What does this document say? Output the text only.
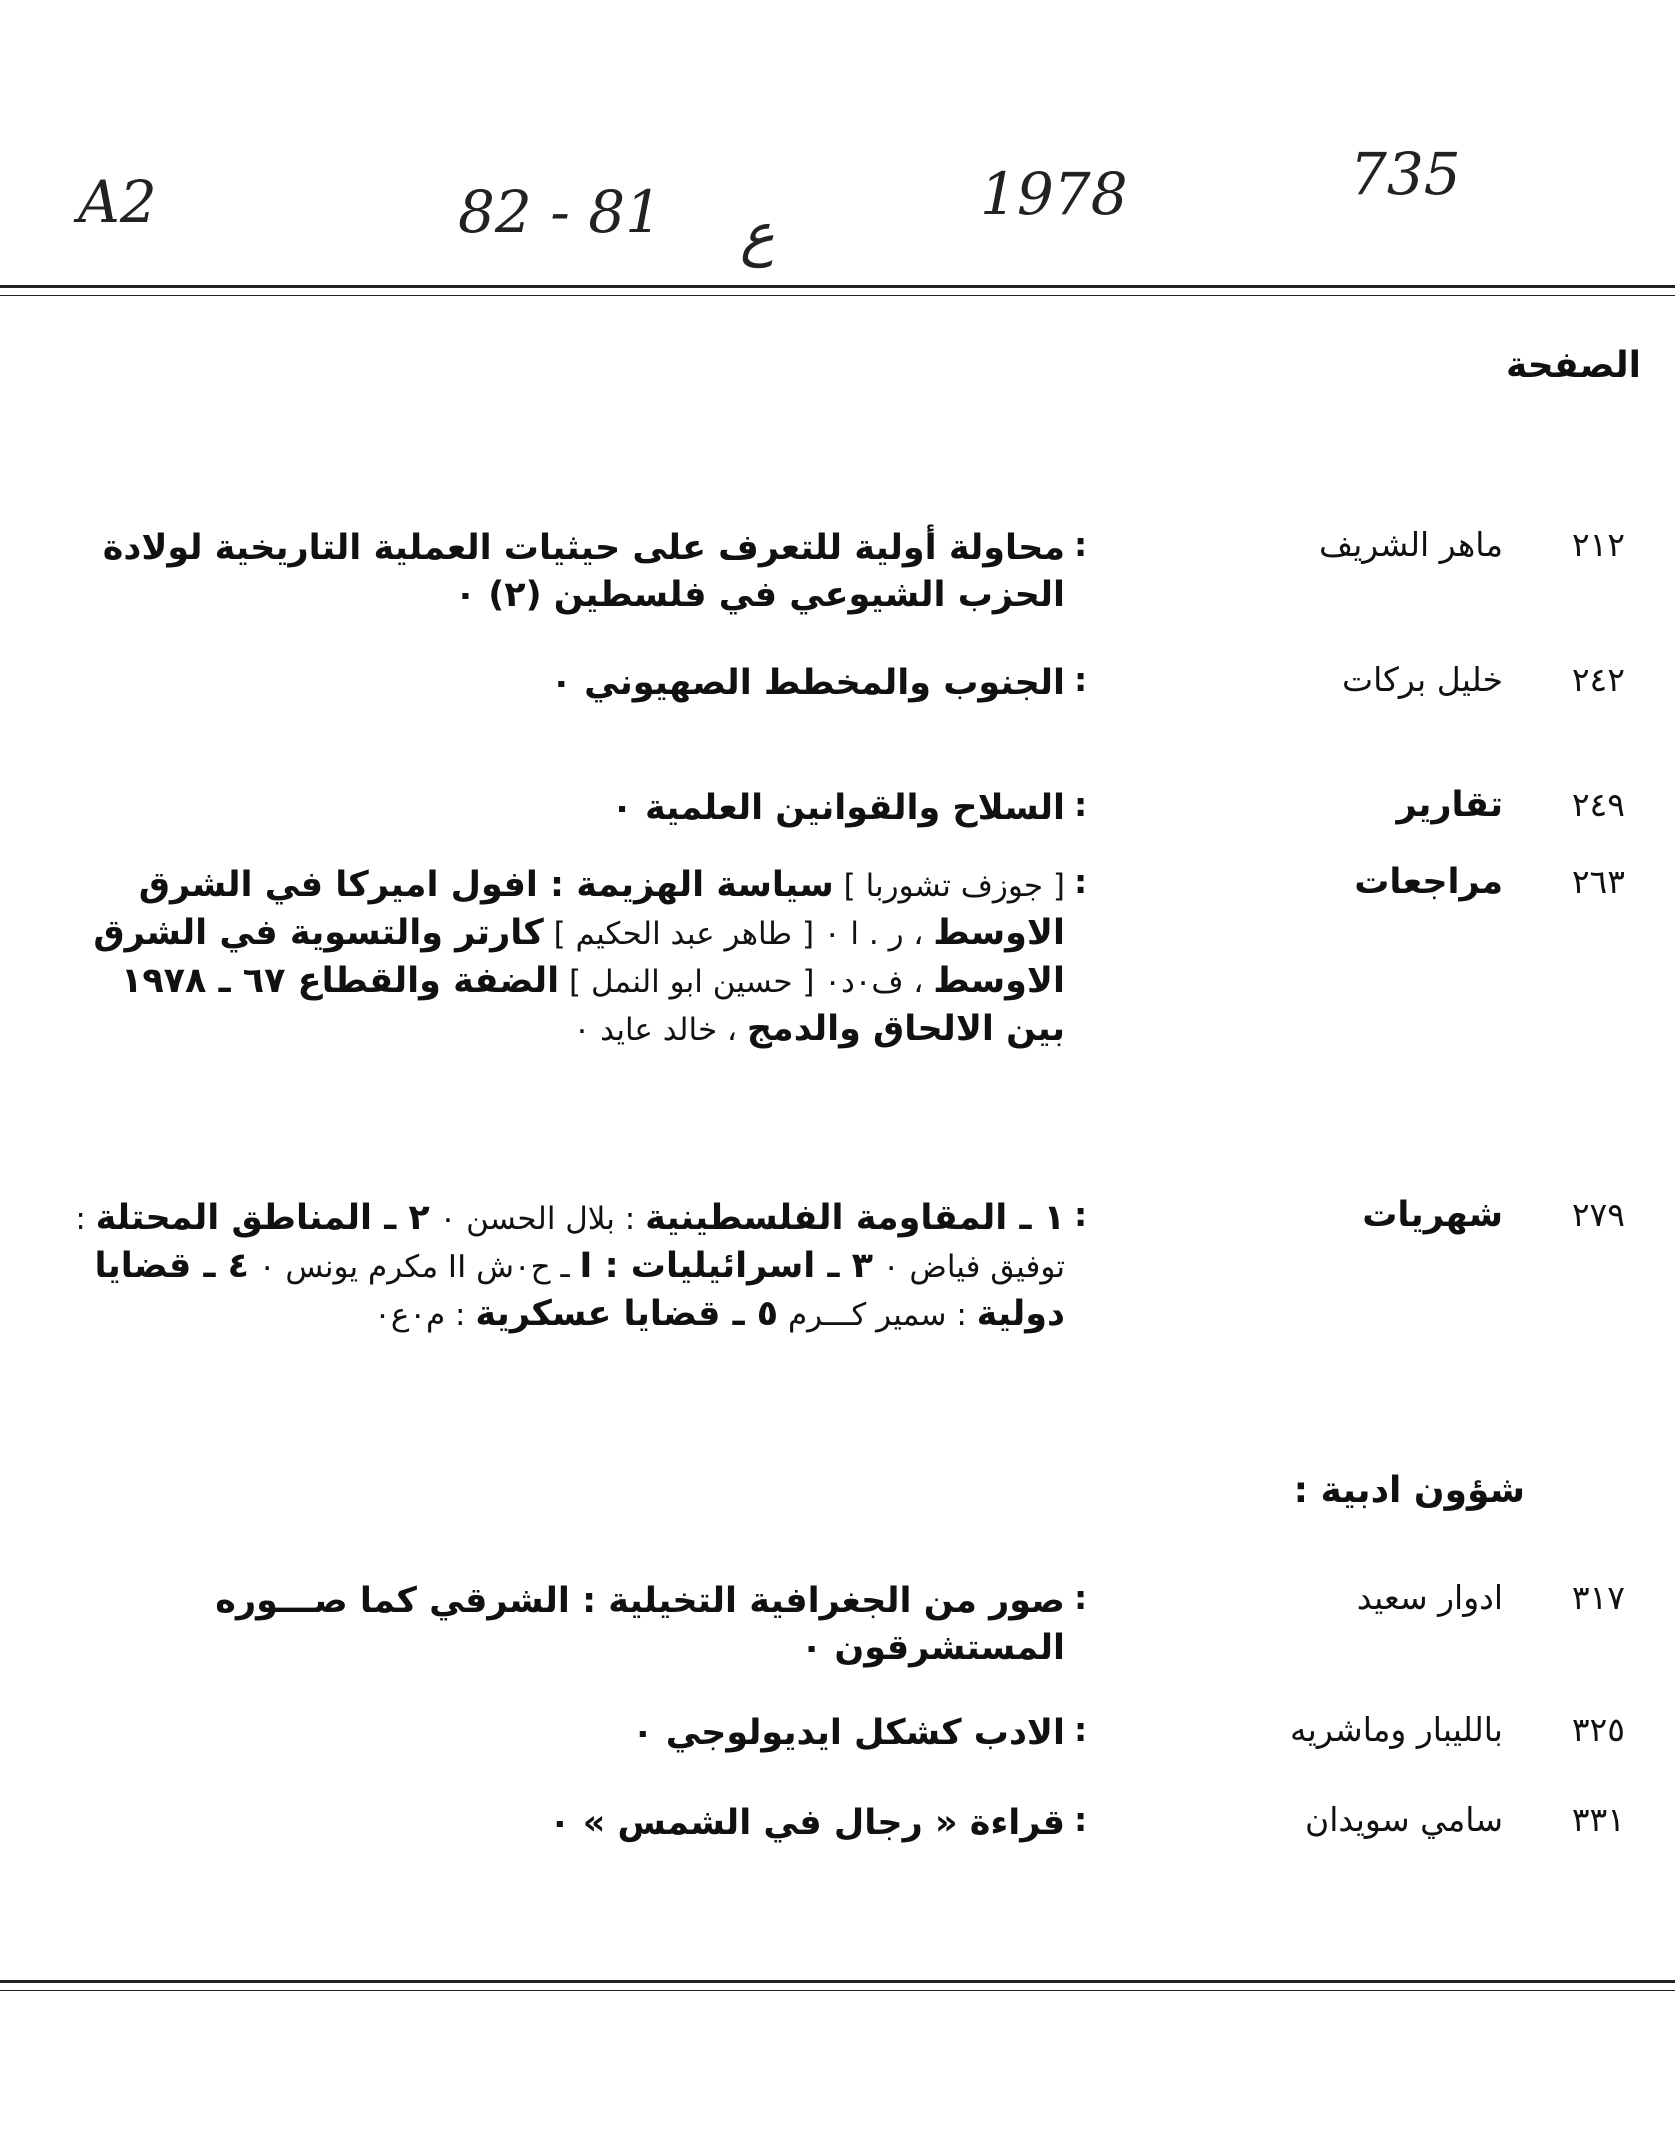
A2	82 - 81 ع
1978	735
الصفحة
٢١٢
ماهر الشريف
:
محاولة أولية للتعرف على حيثيات العملية التاريخية لولادة الحزب الشيوعي في فلسطين (٢) ٠
٢٤٢
خليل بركات
:
الجنوب والمخطط الصهيوني ٠
٢٤٩
تقارير
:
السلاح والقوانين العلمية ٠
٢٦٣
مراجعات
:
[ جوزف تشوربا ] سياسة الهزيمة : افول اميركا في الشرق الاوسط ، ر . ا ٠ [ طاهر عبد الحكيم ] كارتر والتسوية في الشرق الاوسط ، ف٠د٠ [ حسين ابو النمل ] الضفة والقطاع ٦٧ ـ ١٩٧٨ بين الالحاق والدمج ، خالد عايد ٠
٢٧٩
شهريات
:
١ ـ المقاومة الفلسطينية : بلال الحسن ٠ ٢ ـ المناطق المحتلة : توفيق فياض ٠ ٣ ـ اسرائيليات : I ـ ح٠ش II مكرم يونس ٠ ٤ ـ قضايا دولية : سمير كـــرم ٥ ـ قضايا عسكرية : م٠ع٠
شؤون ادبية :
٣١٧
ادوار سعيد
:
صور من الجغرافية التخيلية : الشرقي كما صـــوره المستشرقون ٠
٣٢٥
بالليبار وماشريه
:
الادب كشكل ايديولوجي ٠
٣٣١
سامي سويدان
:
قراءة « رجال في الشمس » ٠
